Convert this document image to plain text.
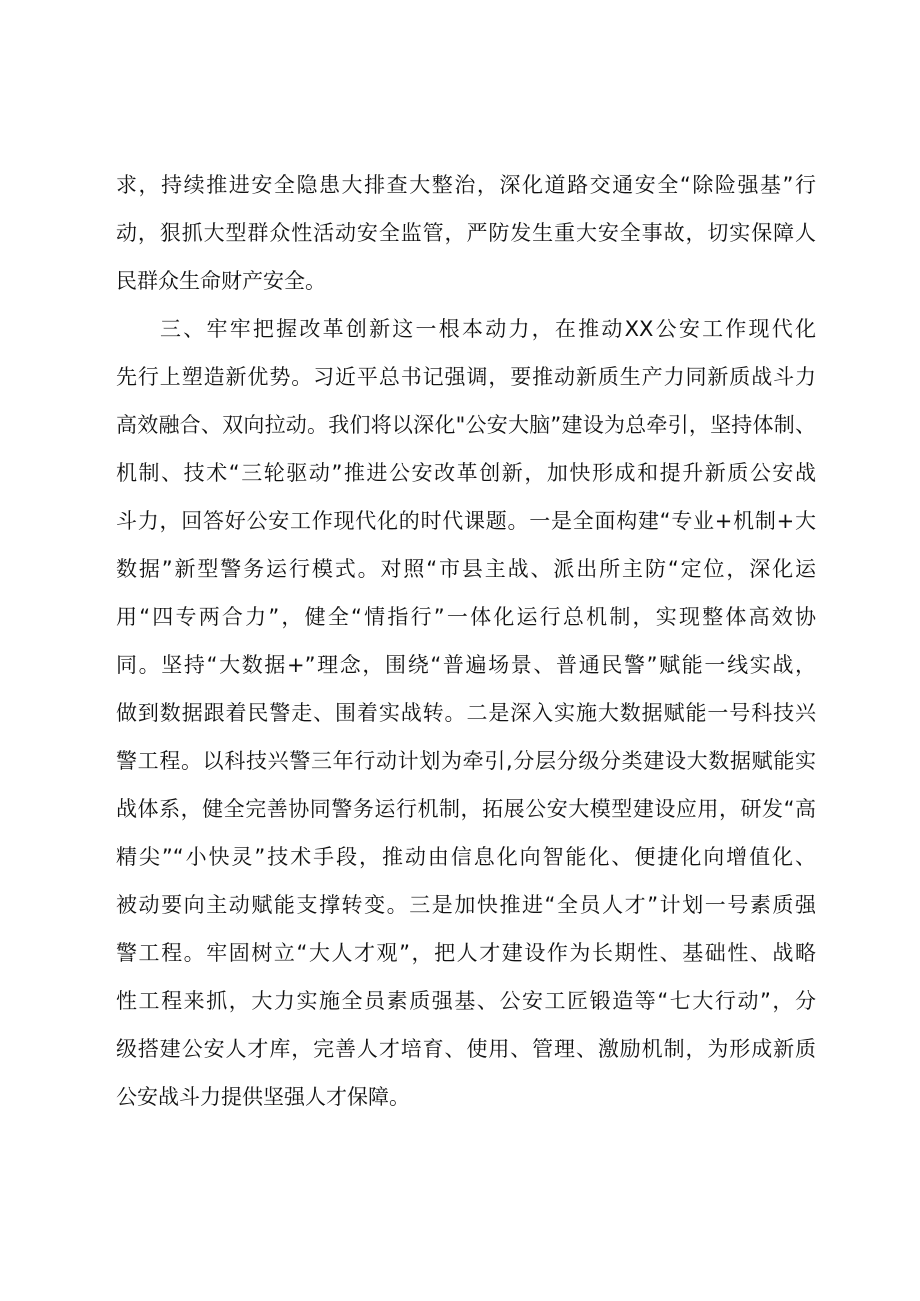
求，持续推进安全隐患大排查大整治，深化道路交通安全“除险强基”行
动，狠抓大型群众性活动安全监管，严防发生重大安全事故，切实保障人
民群众生命财产安全。
三、牢牢把握改革创新这一根本动力，在推动XX公安工作现代化
先行上塑造新优势。习近平总书记强调，要推动新质生产力同新质战斗力
高效融合、双向拉动。我们将以深化"公安大脑”建设为总牵引，坚持体制、
机制、技术“三轮驱动”推进公安改革创新，加快形成和提升新质公安战
斗力，回答好公安工作现代化的时代课题。一是全面构建“专业+机制+大
数据”新型警务运行模式。对照“市县主战、派出所主防“定位，深化运
用“四专两合力”，健全“情指行”一体化运行总机制，实现整体高效协
同。坚持“大数据+”理念，围绕“普遍场景、普通民警”赋能一线实战，
做到数据跟着民警走、围着实战转。二是深入实施大数据赋能一号科技兴
警工程。以科技兴警三年行动计划为牵引,分层分级分类建设大数据赋能实
战体系，健全完善协同警务运行机制，拓展公安大模型建设应用，研发“高
精尖”“小快灵”技术手段，推动由信息化向智能化、便捷化向增值化、
被动要向主动赋能支撑转变。三是加快推进“全员人才”计划一号素质强
警工程。牢固树立“大人才观”，把人才建设作为长期性、基础性、战略
性工程来抓，大力实施全员素质强基、公安工匠锻造等“七大行动”，分
级搭建公安人才库，完善人才培育、使用、管理、激励机制，为形成新质
公安战斗力提供坚强人才保障。
